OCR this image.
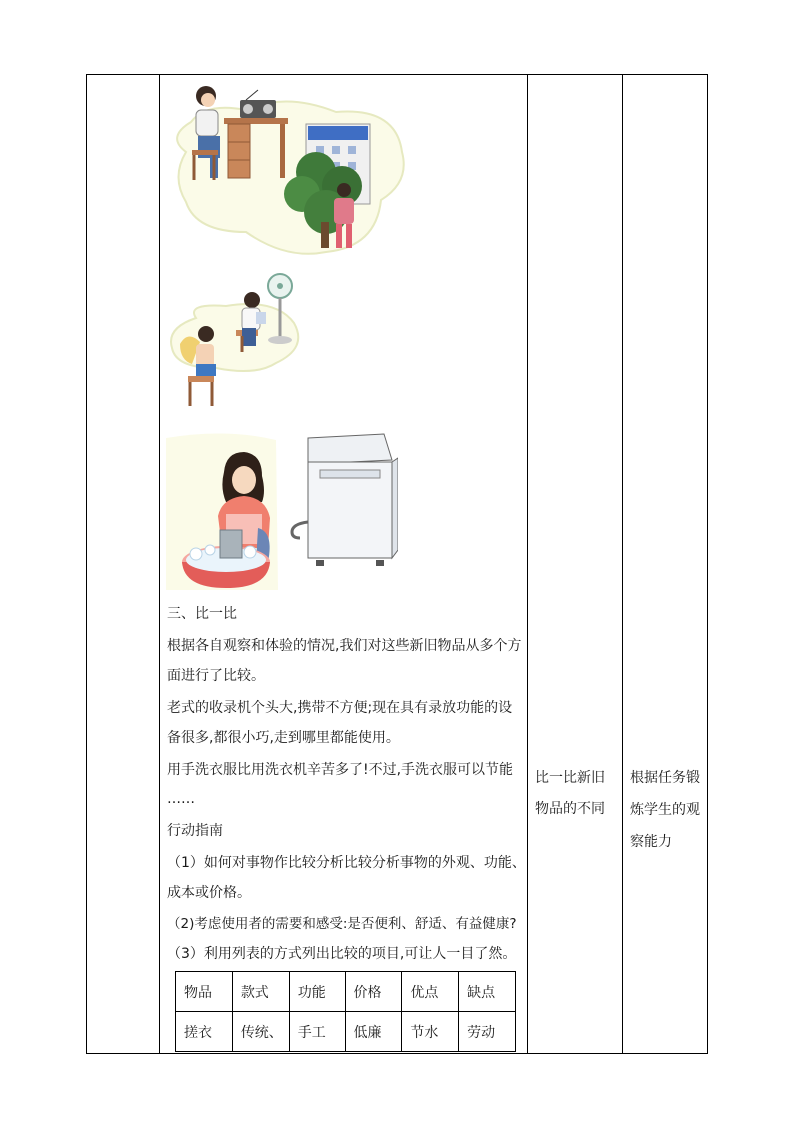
三、比一比
根据各自观察和体验的情况,我们对这些新旧物品从多个方
面进行了比较。
老式的收录机个头大,携带不方便;现在具有录放功能的设
备很多,都很小巧,走到哪里都能使用。
用手洗衣服比用洗衣机辛苦多了!不过,手洗衣服可以节能
……
行动指南
（1）如何对事物作比较分析比较分析事物的外观、功能、
成本或价格。
（2)考虑使用者的需要和感受:是否便利、舒适、有益健康?
（3）利用列表的方式列出比较的项目,可让人一目了然。
物品	款式	功能	价格	优点	缺点
搓衣	传统、	手工	低廉	节水	劳动
比一比新旧
物品的不同
根据任务锻
炼学生的观
察能力
